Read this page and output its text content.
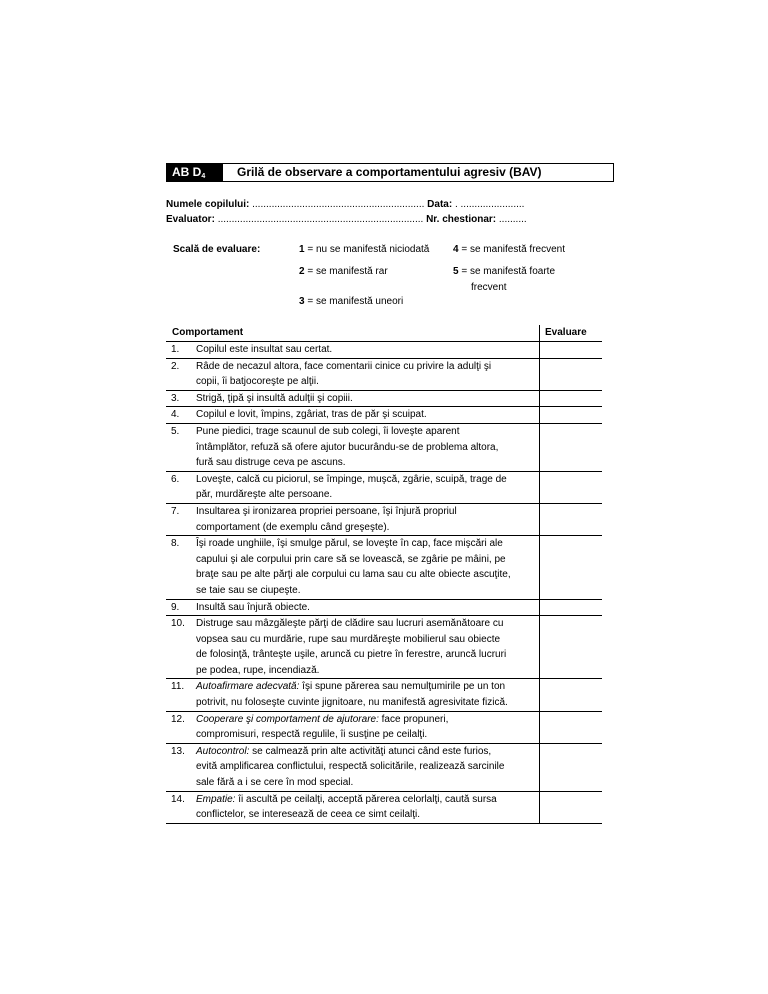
AB $D_4$	Grilă de observare a comportamentului agresiv (BAV)
Numele copilului: .............................................................. Data: . .......................
Evaluator: .......................................................................... Nr. chestionar: ..........
Scală de evaluare:	1 = nu se manifestă niciodată 4 = se manifestă frecvent
2 = se manifestă rar	5 = se manifestă foarte
frecvent
3 = se manifestă uneori
Comportament	Evaluare
1. Copilul este insultat sau certat.
2. Râde de necazul altora, face comentarii cinice cu privire la adulţi şi
copii, îi batjocoreşte pe alţii.
3. Strigă, ţipă şi insultă adulţii şi copiii.
4. Copilul e lovit, împins, zgâriat, tras de păr şi scuipat.
5. Pune piedici, trage scaunul de sub colegi, îi loveşte aparent
întâmplător, refuză să ofere ajutor bucurându-se de problema altora,
fură sau distruge ceva pe ascuns.
6. Loveşte, calcă cu piciorul, se împinge, muşcă, zgârie, scuipă, trage de
păr, murdăreşte alte persoane.
7. Insultarea şi ironizarea propriei persoane, îşi înjură propriul
comportament (de exemplu când greşeşte).
8. Îşi roade unghiile, îşi smulge părul, se loveşte în cap, face mişcări ale
capului şi ale corpului prin care să se lovească, se zgârie pe mâini, pe
braţe sau pe alte părţi ale corpului cu lama sau cu alte obiecte ascuţite,
se taie sau se ciupeşte.
9. Insultă sau înjură obiecte.
10. Distruge sau mâzgăleşte părţi de clădire sau lucruri asemănătoare cu
vopsea sau cu murdărie, rupe sau murdăreşte mobilierul sau obiecte
de folosinţă, trânteşte uşile, aruncă cu pietre în ferestre, aruncă lucruri
pe podea, rupe, incendiază.
11. Autoafirmare adecvată: îşi spune părerea sau nemulţumirile pe un ton
potrivit, nu foloseşte cuvinte jignitoare, nu manifestă agresivitate fizică.
12. Cooperare şi comportament de ajutorare: face propuneri,
compromisuri, respectă regulile, îi susţine pe ceilalţi.
13. Autocontrol: se calmează prin alte activităţi atunci când este furios,
evită amplificarea conflictului, respectă solicitările, realizează sarcinile
sale fără a i se cere în mod special.
14. Empatie: îi ascultă pe ceilalţi, acceptă părerea celorlalţi, caută sursa
conflictelor, se interesează de ceea ce simt ceilalţi.
